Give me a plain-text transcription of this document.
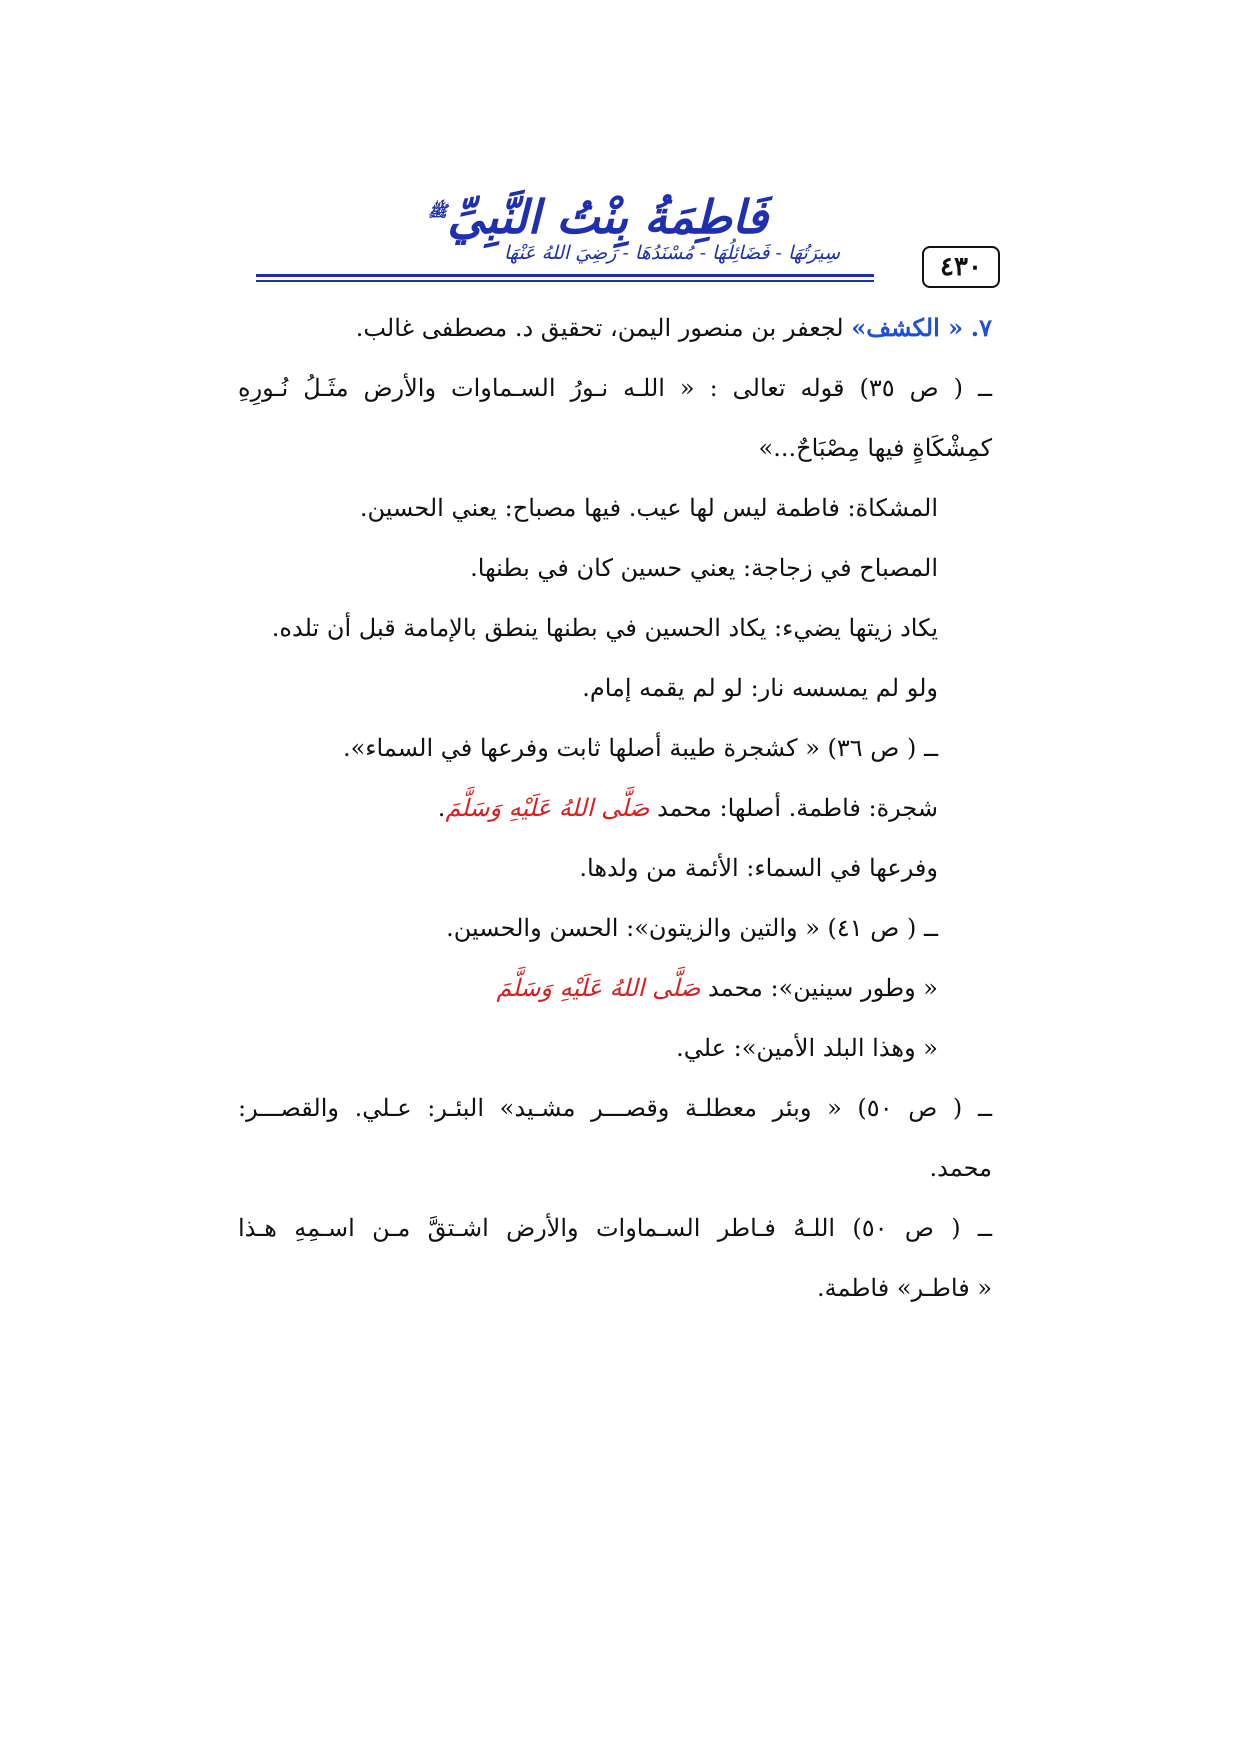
٤٣٠
فَاطِمَةُ بِنْتُ النَّبِيِّ$^ﷺ$
سِيرَتُهَا - فَضَائِلُهَا - مُسْنَدُهَا - رَضِيَ اللهُ عَنْهَا
٧. « الكشف» لجعفر بن منصور اليمن، تحقيق د. مصطفى غالب.
ــ ( ص ٣٥) قوله تعالى : « اللـه نـورُ السـماوات والأرض مثَـلُ نُـورِهِ
كمِشْكَاةٍ فيها مِصْبَاحٌ...»
المشكاة: فاطمة ليس لها عيب. فيها مصباح: يعني الحسين.
المصباح في زجاجة: يعني حسين كان في بطنها.
يكاد زيتها يضيء: يكاد الحسين في بطنها ينطق بالإمامة قبل أن تلده.
ولو لم يمسسه نار: لو لم يقمه إمام.
ــ ( ص ٣٦) « كشجرة طيبة أصلها ثابت وفرعها في السماء».
شجرة: فاطمة. أصلها: محمد صَلَّى اللهُ عَلَيْهِ وَسَلَّمَ.
وفرعها في السماء: الأئمة من ولدها.
ــ ( ص ٤١) « والتين والزيتون»: الحسن والحسين.
« وطور سينين»: محمد صَلَّى اللهُ عَلَيْهِ وَسَلَّمَ
« وهذا البلد الأمين»: علي.
ــ ( ص ٥٠) « وبئر معطلـة وقصـــر مشـيد» البئـر: عـلي. والقصـــر:
محمد.
ــ ( ص ٥٠) اللـهُ فـاطر السـماوات والأرض اشـتقَّ مـن اسـمِهِ هـذا
« فاطـر» فاطمة.
